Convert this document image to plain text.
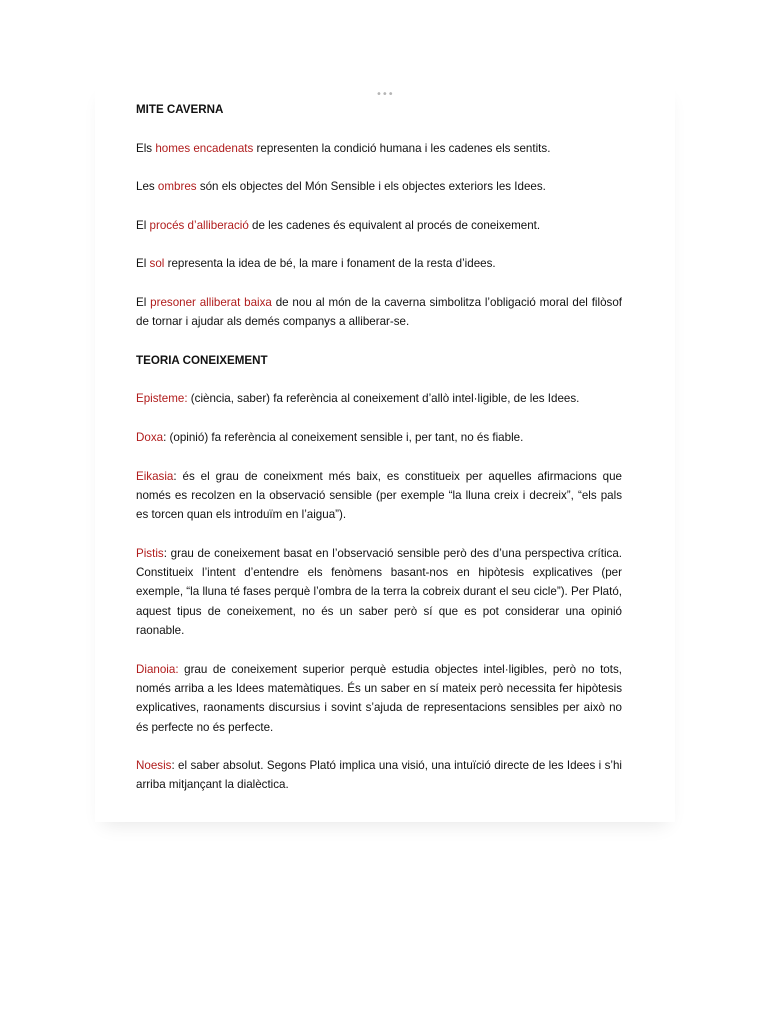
•••

MITE CAVERNA

Els homes encadenats representen la condició humana i les cadenes els sentits.

Les ombres són els objectes del Món Sensible i els objectes exteriors les Idees.

El procés d’alliberació de les cadenes és equivalent al procés de coneixement.

El sol representa la idea de bé, la mare i fonament de la resta d’idees.

El presoner alliberat baixa de nou al món de la caverna simbolitza l’obligació moral del filòsof de tornar i ajudar als demés companys a alliberar-se.

TEORIA CONEIXEMENT

Episteme: (ciència, saber) fa referència al coneixement d’allò intel·ligible, de les Idees.

Doxa: (opinió) fa referència al coneixement sensible i, per tant, no és fiable.

Eikasia: és el grau de coneixment més baix, es constitueix per aquelles afirmacions que només es recolzen en la observació sensible (per exemple “la lluna creix i decreix”, “els pals es torcen quan els introduïm en l’aigua”).

Pistis: grau de coneixement basat en l’observació sensible però des d’una perspectiva crítica. Constitueix l’intent d’entendre els fenòmens basant-nos en hipòtesis explicatives (per exemple, “la lluna té fases perquè l’ombra de la terra la cobreix durant el seu cicle”). Per Plató, aquest tipus de coneixement, no és un saber però sí que es pot considerar una opinió raonable.

Dianoia: grau de coneixement superior perquè estudia objectes intel·ligibles, però no tots, només arriba a les Idees matemàtiques. És un saber en sí mateix però necessita fer hipòtesis explicatives, raonaments discursius i sovint s’ajuda de representacions sensibles per això no és perfecte no és perfecte.

Noesis: el saber absolut. Segons Plató implica una visió, una intuïció directe de les Idees i s’hi arriba mitjançant la dialèctica.
